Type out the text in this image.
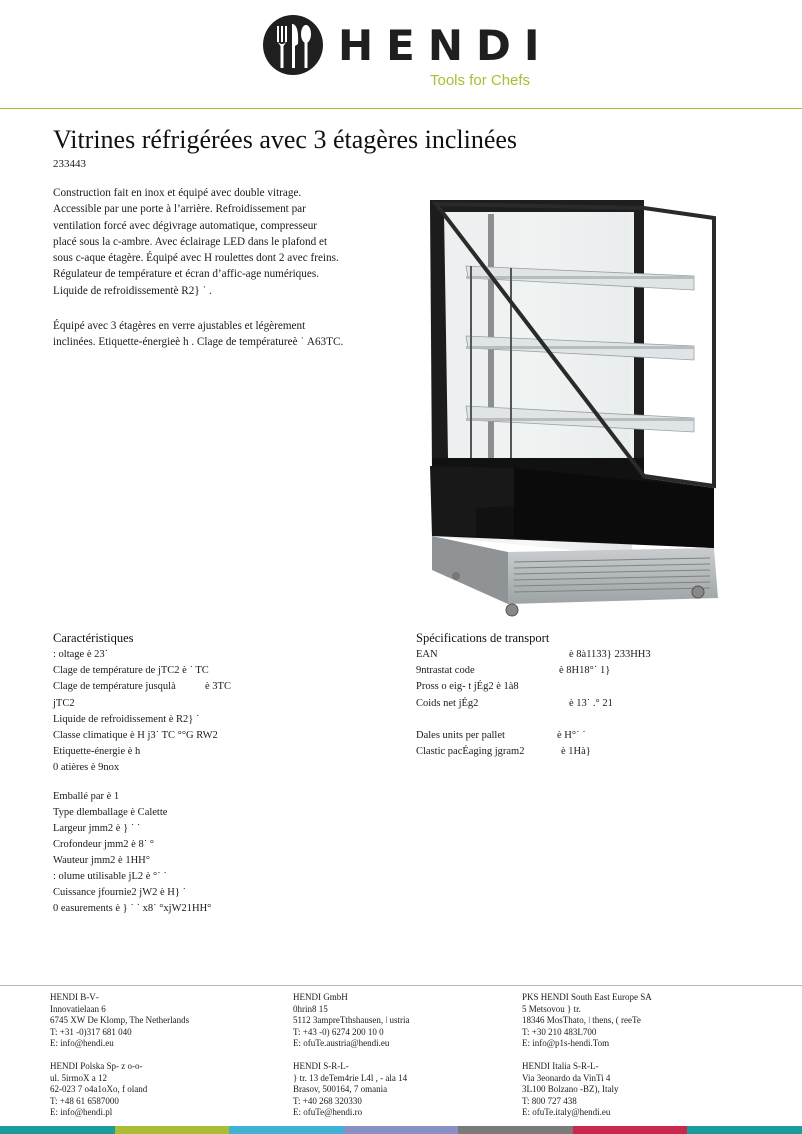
HENDI
Tools for Chefs
Vitrines réfrigérées avec 3 étagères inclinées
233443
Construction fait en inox et équipé avec double vitrage.
Accessible par une porte à l’arrière. Refroidissement par
ventilation forcé avec dégivrage automatique, compresseur
placé sous la c‑ambre. Avec éclairage LED dans le plafond et
sous c‑aque étagère. Équipé avec Н roulettes dont 2 avec freins.
Régulateur de température et écran d’affic‑age numériques.
Liquide de refroidissementè R2} ˙ .
Équipé avec 3 étagères en verre ajustables et légèrement
inclinées. Etiquette-énergieè h . Clage de températureè ˙ А63TC.
Caractéristiques
: oltage è 23˙
Clage de température de jTC2 è ˙ TC
Clage de température jusqulà	è 3TC
jTC2
Liquide de refroidissement è R2} ˙
Classe climatique è Н j3˙ TC °°G RW2
Etiquette-énergie è h
0 atières è 9nox
Emballé par è 1
Type dlemballage è Calette
Largeur jmm2 è } ˙ ˙
Crofondeur jmm2 è 8˙ °
Wauteur jmm2 è 1НН°
: olume utilisable jL2 è °˙ ˙
Cuissance jfournie2 jW2 è Н} ˙
0 easurements è } ˙ ˙ x8˙ °xjW21НН°
Spécifications de transport
EAN	è 8à1133} 233НН3
9ntrastat code	è 8Н18°˙ 1}
Pross o eig‑ t jÉg2 è 1à8
Coids net jÉg2	è 13˙ .° 21
Dales units per pallet	è Н°˙ ˙
Clastic pacÉaging jgram2	è 1Нà}
HENDI B‑V‑
Innovatielaan 6
6745 XW De Klomp, The Netherlands
T: +31 ‑0)317 681 040
E: info@hendi.eu
HENDI GmbH
0hrin8 15
5112 3ampreTthshausen, ǀ ustria
T: +43 ‑0) 6274 200 10 0
E: ofuTe.austria@hendi.eu
PKS HENDI South East Europe SA
5 Metsovou } tr.
18346 MosThato, ǀ thens, ( reeTe
T: +30 210 483L700
E: info@p1s‑hendi.Tom
HENDI Polska Sp‑ z o‑o‑
ul. 5irmoX a 12
62‑023 7 o4a1oXo, f oland
T: +48 61 6587000
E: info@hendi.pl
HENDI S‑R‑L‑
} tr. 13 deTem4rie L4l , ‑ ala 14
Brasov, 500164, 7 omania
T: +40 268 320330
E: ofuTe@hendi.ro
HENDI Italia S‑R‑L‑
Via 3eonardo da VinTi 4
3L100 Bolzano ‑BZ), Italy
T: 800 727 438
E: ofuTe.italy@hendi.eu
